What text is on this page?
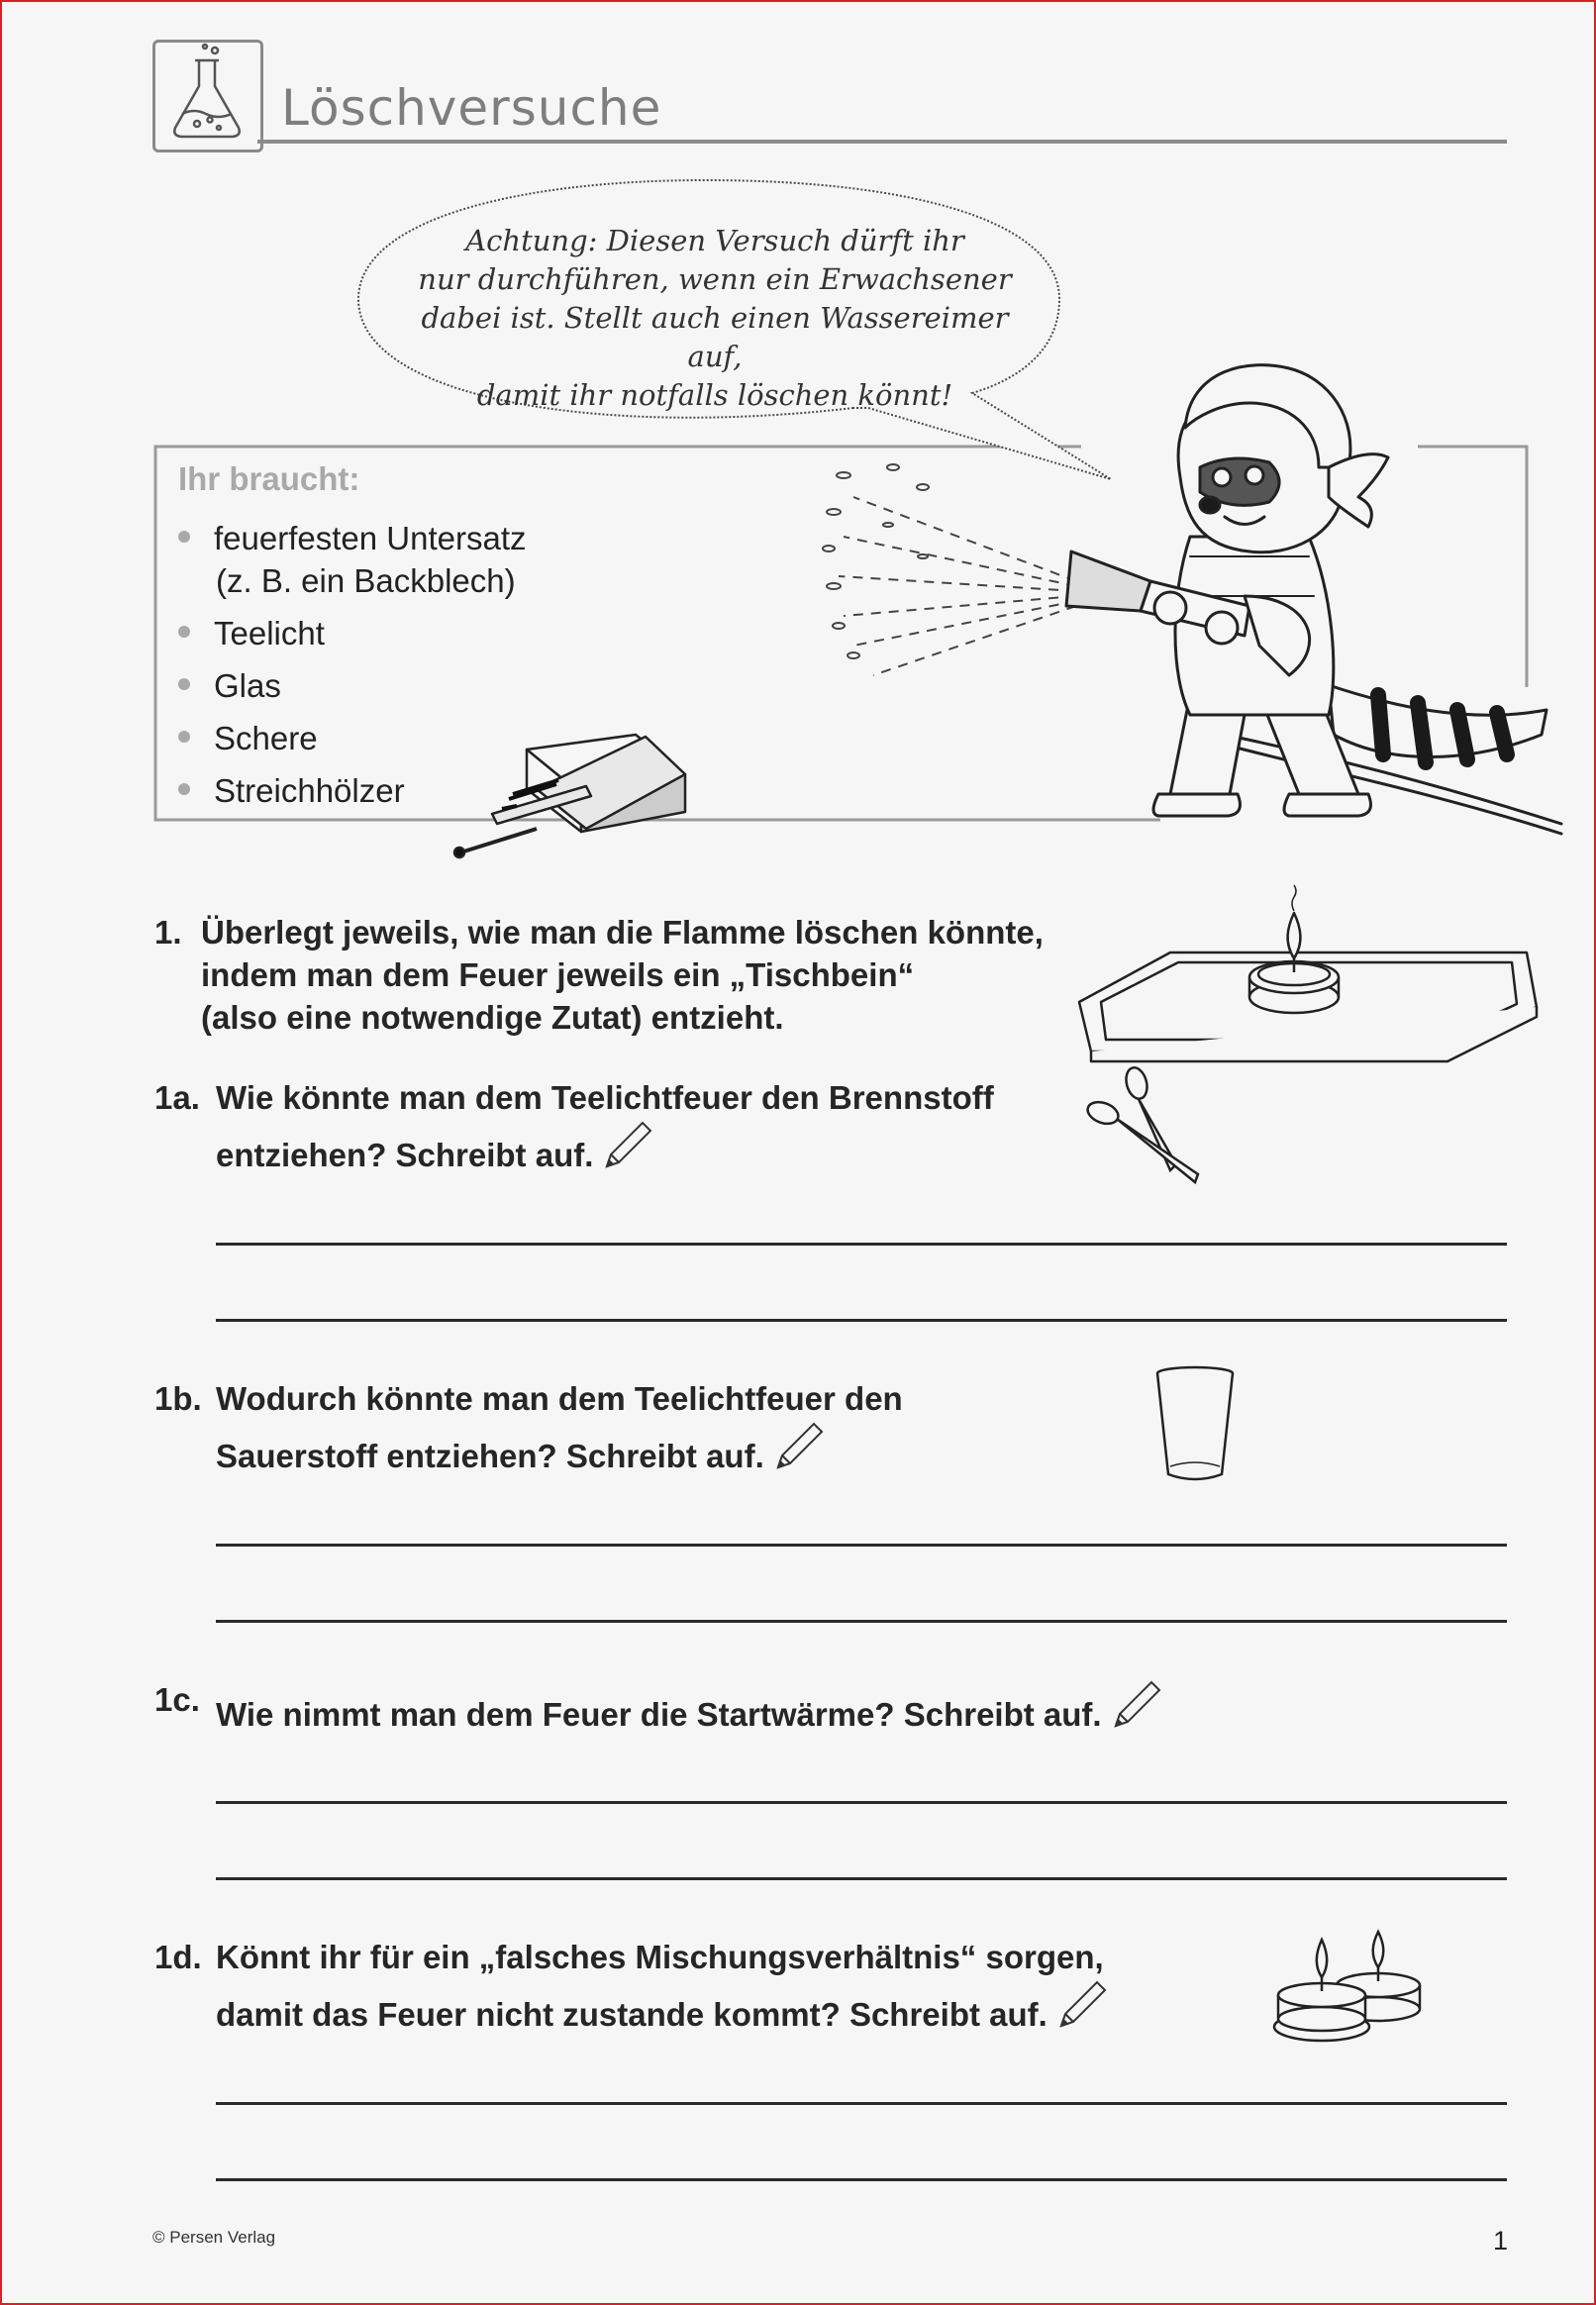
Löschversuche
Achtung: Diesen Versuch dürft ihr
nur durchführen, wenn ein Erwachsener
dabei ist. Stellt auch einen Wassereimer auf,
damit ihr notfalls löschen könnt!
Ihr braucht:
feuerfesten Untersatz
(z. B. ein Backblech)
Teelicht
Glas
Schere
Streichhölzer
1. Überlegt jeweils, wie man die Flamme löschen könnte,
indem man dem Feuer jeweils ein „Tischbein“
(also eine notwendige Zutat) entzieht.
1a. Wie könnte man dem Teelichtfeuer den Brennstoff
entziehen? Schreibt auf.
1b. Wodurch könnte man dem Teelichtfeuer den
Sauerstoff entziehen? Schreibt auf.
1c. Wie nimmt man dem Feuer die Startwärme? Schreibt auf.
1d. Könnt ihr für ein „falsches Mischungsverhältnis“ sorgen,
damit das Feuer nicht zustande kommt? Schreibt auf.
© Persen Verlag	1
